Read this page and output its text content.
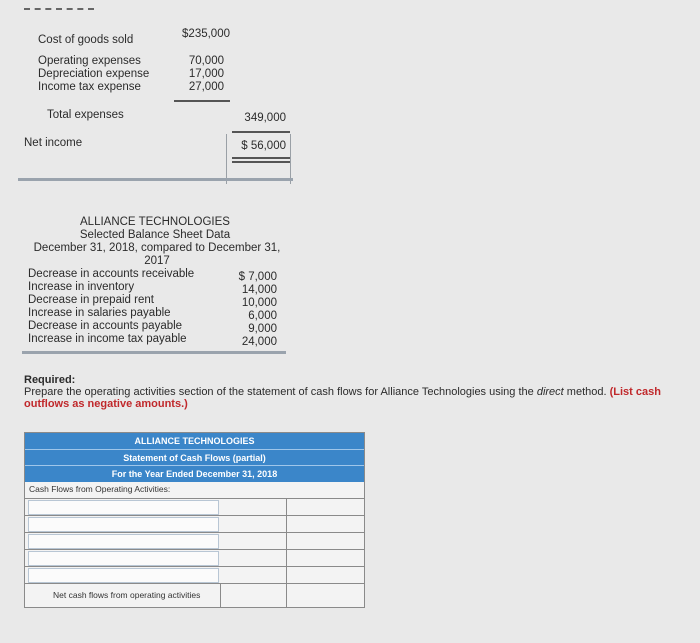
Cost of goods sold	$235,000
Operating expenses	70,000
Depreciation expense	17,000
Income tax expense	27,000
Total expenses	349,000
Net income	$ 56,000
ALLIANCE TECHNOLOGIES
Selected Balance Sheet Data
December 31, 2018, compared to December 31,
2017
Decrease in accounts receivable	$ 7,000
Increase in inventory	14,000
Decrease in prepaid rent	10,000
Increase in salaries payable	6,000
Decrease in accounts payable	9,000
Increase in income tax payable	24,000
Required:
Prepare the operating activities section of the statement of cash flows for Alliance Technologies using the direct method. (List cash outflows as negative amounts.)
ALLIANCE TECHNOLOGIES
Statement of Cash Flows (partial)
For the Year Ended December 31, 2018
Cash Flows from Operating Activities:
Net cash flows from operating activities
